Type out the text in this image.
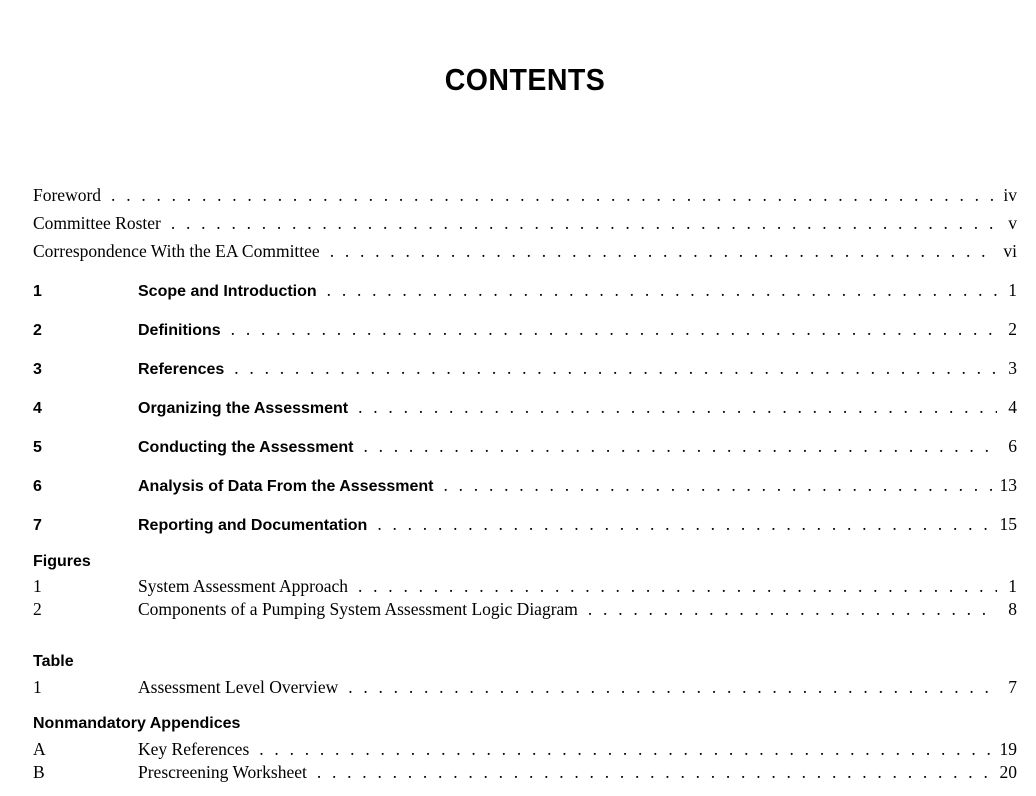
CONTENTS
Foreword . . .	iv
Committee Roster . . .	v
Correspondence With the EA Committee . . .	vi
1	Scope and Introduction . . .	1
2	Definitions . . .	2
3	References . . .	3
4	Organizing the Assessment . . .	4
5	Conducting the Assessment . . .	6
6	Analysis of Data From the Assessment . . .	13
7	Reporting and Documentation . . .	15
Figures
1	System Assessment Approach . . .	1
2	Components of a Pumping System Assessment Logic Diagram . . .	8
Table
1	Assessment Level Overview . . .	7
Nonmandatory Appendices
A	Key References . . .	19
B	Prescreening Worksheet . . .	20
